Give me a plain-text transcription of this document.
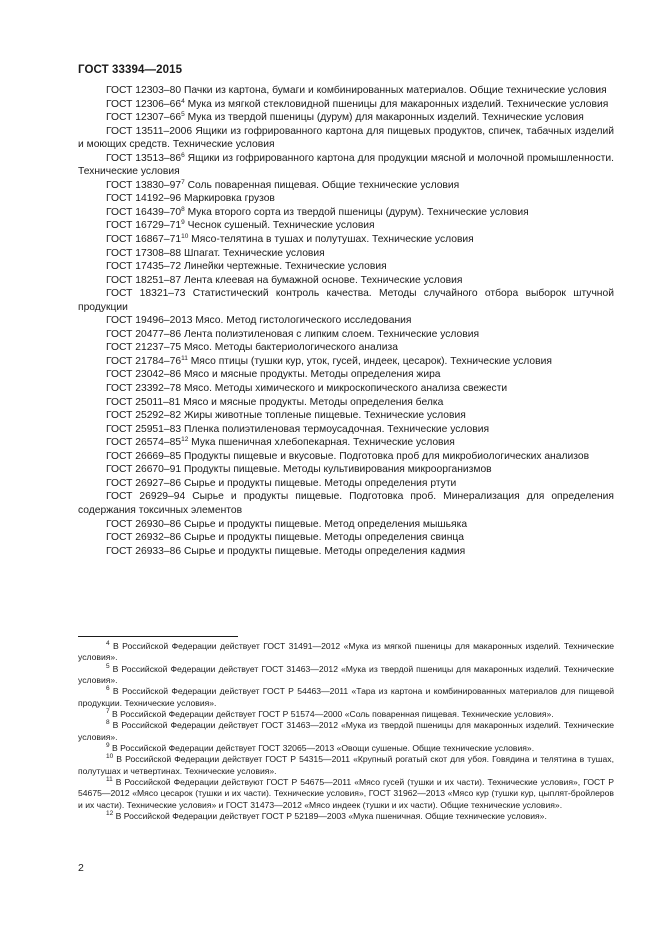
ГОСТ 33394—2015

ГОСТ 12303–80 Пачки из картона, бумаги и комбинированных материалов. Общие технические условия

ГОСТ $12306-66^4$ Мука из мягкой стекловидной пшеницы для макаронных изделий. Технические условия

ГОСТ $12307-66^5$ Мука из твердой пшеницы (дурум) для макаронных изделий. Технические условия

ГОСТ 13511–2006 Ящики из гофрированного картона для пищевых продуктов, спичек, табачных изделий и моющих средств. Технические условия

ГОСТ $13513-86^6$ Ящики из гофрированного картона для продукции мясной и молочной промышленности. Технические условия

ГОСТ $13830-97^7$ Соль поваренная пищевая. Общие технические условия

ГОСТ 14192–96 Маркировка грузов

ГОСТ $16439-70^8$ Мука второго сорта из твердой пшеницы (дурум). Технические условия

ГОСТ $16729-71^9$ Чеснок сушеный. Технические условия

ГОСТ $16867-71^{10}$ Мясо-телятина в тушах и полутушах. Технические условия

ГОСТ 17308–88 Шпагат. Технические условия

ГОСТ 17435–72 Линейки чертежные. Технические условия

ГОСТ 18251–87 Лента клеевая на бумажной основе. Технические условия

ГОСТ 18321–73 Статистический контроль качества. Методы случайного отбора выборок штучной продукции

ГОСТ 19496–2013 Мясо. Метод гистологического исследования

ГОСТ 20477–86 Лента полиэтиленовая с липким слоем. Технические условия

ГОСТ 21237–75 Мясо. Методы бактериологического анализа

ГОСТ $21784-76^{11}$ Мясо птицы (тушки кур, уток, гусей, индеек, цесарок). Технические условия

ГОСТ 23042–86 Мясо и мясные продукты. Методы определения жира

ГОСТ 23392–78 Мясо. Методы химического и микроскопического анализа свежести

ГОСТ 25011–81 Мясо и мясные продукты. Методы определения белка

ГОСТ 25292–82 Жиры животные топленые пищевые. Технические условия

ГОСТ 25951–83 Пленка полиэтиленовая термоусадочная. Технические условия

ГОСТ $26574-85^{12}$ Мука пшеничная хлебопекарная. Технические условия

ГОСТ 26669–85 Продукты пищевые и вкусовые. Подготовка проб для микробиологических анализов

ГОСТ 26670–91 Продукты пищевые. Методы культивирования микроорганизмов

ГОСТ 26927–86 Сырье и продукты пищевые. Методы определения ртути

ГОСТ 26929–94 Сырье и продукты пищевые. Подготовка проб. Минерализация для определения содержания токсичных элементов

ГОСТ 26930–86 Сырье и продукты пищевые. Метод определения мышьяка

ГОСТ 26932–86 Сырье и продукты пищевые. Методы определения свинца

ГОСТ 26933–86 Сырье и продукты пищевые. Методы определения кадмия

$^4$ В Российской Федерации действует ГОСТ 31491—2012 «Мука из мягкой пшеницы для макаронных изделий. Технические условия».

$^5$ В Российской Федерации действует ГОСТ 31463—2012 «Мука из твердой пшеницы для макаронных изделий. Технические условия».

$^6$ В Российской Федерации действует ГОСТ Р 54463—2011 «Тара из картона и комбинированных материалов для пищевой продукции. Технические условия».

$^7$ В Российской Федерации действует ГОСТ Р 51574—2000 «Соль поваренная пищевая. Технические условия».

$^8$ В Российской Федерации действует ГОСТ 31463—2012 «Мука из твердой пшеницы для макаронных изделий. Технические условия».

$^9$ В Российской Федерации действует ГОСТ 32065—2013 «Овощи сушеные. Общие технические условия».

$^{10}$ В Российской Федерации действует ГОСТ Р 54315—2011 «Крупный рогатый скот для убоя. Говядина и телятина в тушах, полутушах и четвертинах. Технические условия».

$^{11}$ В Российской Федерации действуют ГОСТ Р 54675—2011 «Мясо гусей (тушки и их части). Технические условия», ГОСТ Р 54675—2012 «Мясо цесарок (тушки и их части). Технические условия», ГОСТ 31962—2013 «Мясо кур (тушки кур, цыплят-бройлеров и их части). Технические условия» и ГОСТ 31473—2012 «Мясо индеек (тушки и их части). Общие технические условия».

$^{12}$ В Российской Федерации действует ГОСТ Р 52189—2003 «Мука пшеничная. Общие технические условия».

2
